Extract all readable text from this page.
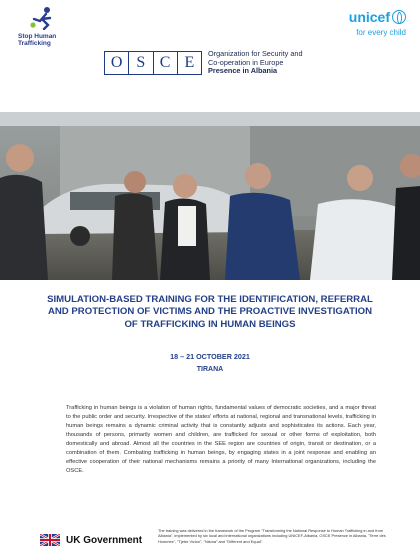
Stop Human
Trafficking
unicef
for every child
O S C E
Organization for Security and
Co-operation in Europe
Presence in Albania
SIMULATION-BASED TRAINING FOR THE IDENTIFICATION, REFERRAL AND PROTECTION OF VICTIMS AND THE PROACTIVE INVESTIGATION OF TRAFFICKING IN HUMAN BEINGS
18 – 21 OCTOBER 2021
TIRANA
Trafficking in human beings is a violation of human rights, fundamental values of democratic societies, and a major threat to the public order and security. Irrespective of the states' efforts at national, regional and transnational levels, trafficking in human beings remains a dynamic criminal activity that is constantly adjusts and sophisticates its actions. Each year, thousands of persons, primarily women and children, are trafficked for sexual or other forms of exploitation, both domestically and abroad. Almost all the countries in the SEE region are countries of origin, transit or destination, or a combination of them. Combating trafficking in human beings, by engaging states in a joint response and enabling an effective cooperation of their national mechanisms remains a priority of many International organizations, including the OSCE.
UK Government
The training was delivered in the framework of the Program "Transforming the National Response to Human Trafficking in and from Albania", implemented by six local and international organizations including UNICEF-Albania, OSCE Presence in Albania, "Terre des Hommes", "Tjeter Vizion", "Nisma" and "Different and Equal".
